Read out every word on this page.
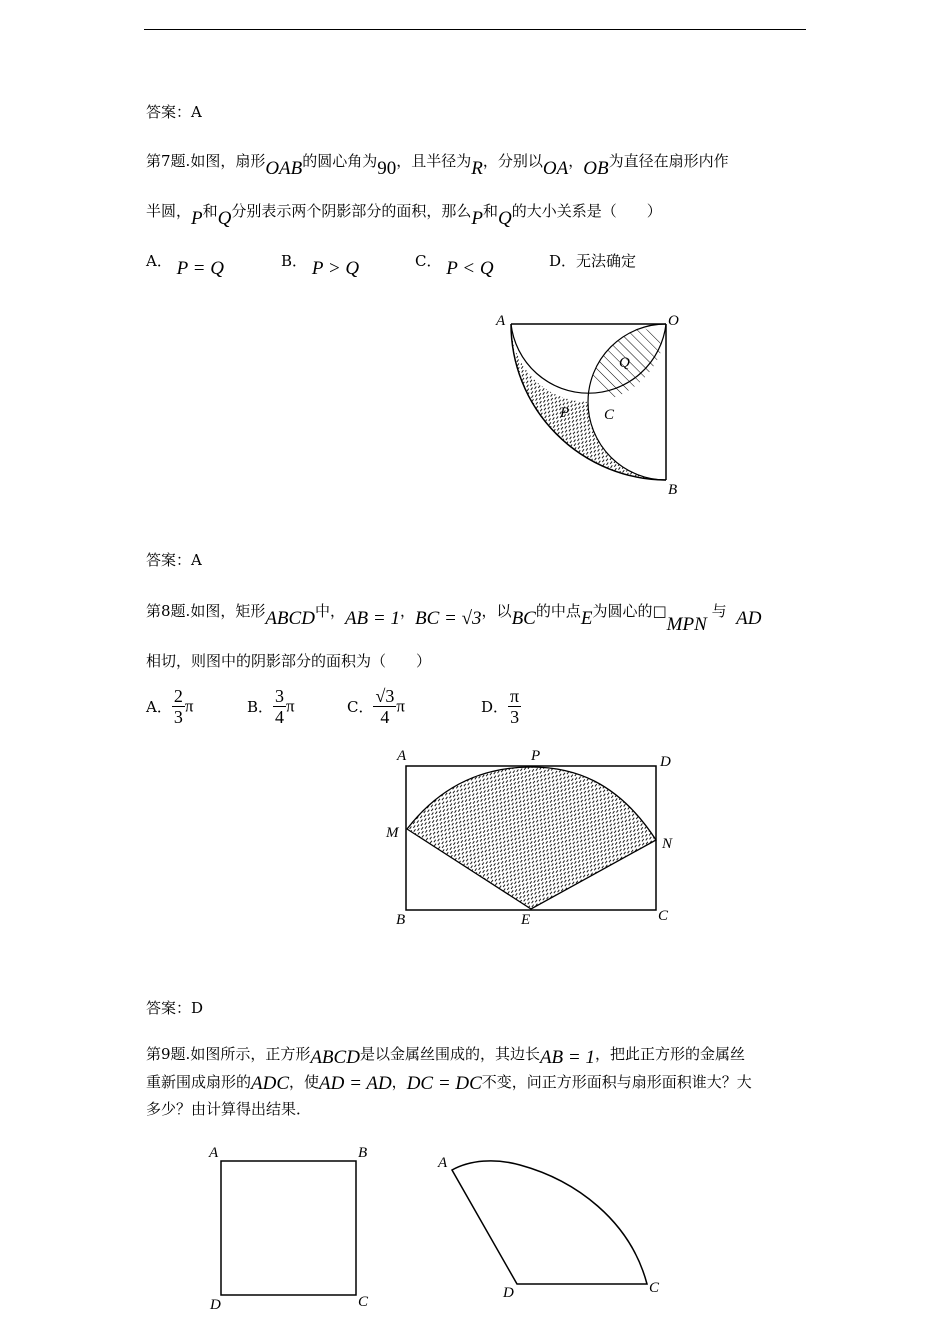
答案：A
第7题.如图，扇形OAB的圆心角为90，且半径为R，分别以OA，OB为直径在扇形内作
半圆，P和Q分别表示两个阴影部分的面积，那么P和Q的大小关系是（　　）
A． P = Q	B． P > Q	C． P < Q	D．无法确定
答案：A
第8题.如图，矩形ABCD中，AB = 1，BC = √3，以BC的中点E为圆心的□MPN 与 AD
相切，则图中的阴影部分的面积为（　　）
A． $\frac{2}{3}$ π	B． $\frac{3}{4}$ π	C． $\frac{√3}{4}$ π	D． $\frac{\pi}{3}$
答案：D
第9题.如图所示，正方形ABCD是以金属丝围成的，其边长AB = 1，把此正方形的金属丝
重新围成扇形的ADC，使AD = AD，DC = DC不变，问正方形面积与扇形面积谁大？大
多少？由计算得出结果．
A	O
Q
P C
B
A	P	D
M
N
B	E	C
A	B
D	C
A
D	C
